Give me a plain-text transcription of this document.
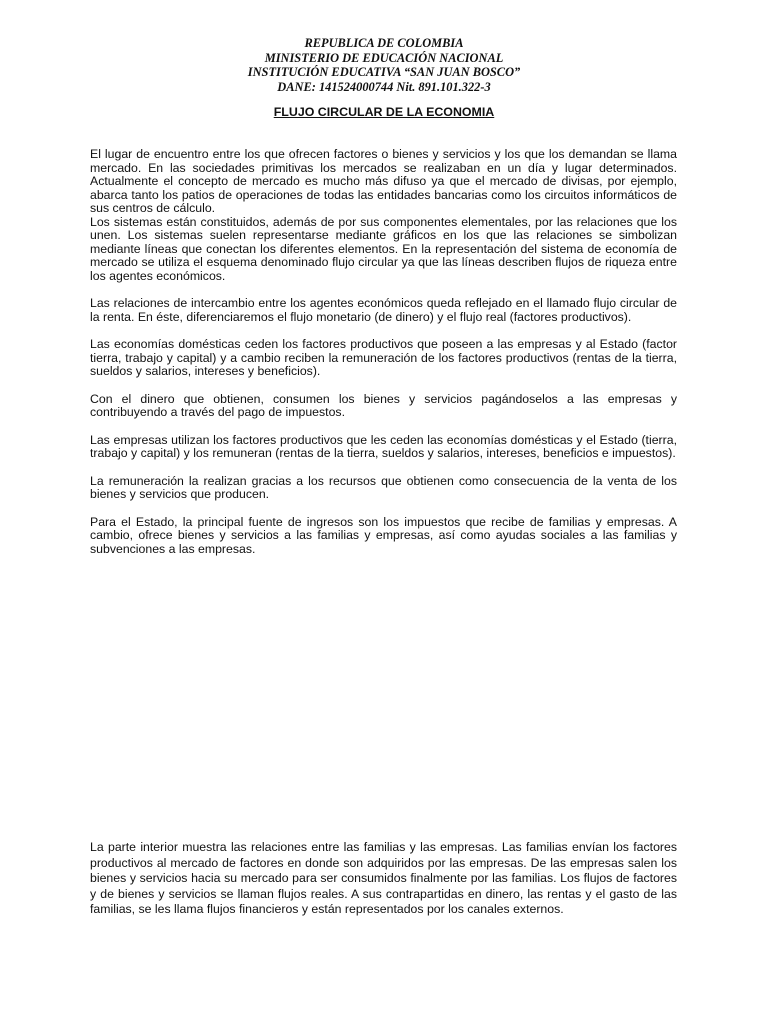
REPUBLICA DE COLOMBIA
MINISTERIO DE EDUCACIÓN NACIONAL
INSTITUCIÓN EDUCATIVA “SAN JUAN BOSCO”
DANE: 141524000744 Nit. 891.101.322-3
FLUJO CIRCULAR DE LA ECONOMIA

El lugar de encuentro entre los que ofrecen factores o bienes y servicios y los que los demandan se llama mercado. En las sociedades primitivas los mercados se realizaban en un día y lugar determinados. Actualmente el concepto de mercado es mucho más difuso ya que el mercado de divisas, por ejemplo, abarca tanto los patios de operaciones de todas las entidades bancarias como los circuitos informáticos de sus centros de cálculo.

Los sistemas están constituidos, además de por sus componentes elementales, por las relaciones que los unen. Los sistemas suelen representarse mediante gráficos en los que las relaciones se simbolizan mediante líneas que conectan los diferentes elementos. En la representación del sistema de economía de mercado se utiliza el esquema denominado flujo circular ya que las líneas describen flujos de riqueza entre los agentes económicos.

Las relaciones de intercambio entre los agentes económicos queda reflejado en el llamado flujo circular de la renta. En éste, diferenciaremos el flujo monetario (de dinero) y el flujo real (factores productivos).

Las economías domésticas ceden los factores productivos que poseen a las empresas y al Estado (factor tierra, trabajo y capital) y a cambio reciben la remuneración de los factores productivos (rentas de la tierra, sueldos y salarios, intereses y beneficios).

Con el dinero que obtienen, consumen los bienes y servicios pagándoselos a las empresas y contribuyendo a través del pago de impuestos.

Las empresas utilizan los factores productivos que les ceden las economías domésticas y el Estado (tierra, trabajo y capital) y los remuneran (rentas de la tierra, sueldos y salarios, intereses, beneficios e impuestos).

La remuneración la realizan gracias a los recursos que obtienen como consecuencia de la venta de los bienes y servicios que producen.

Para el Estado, la principal fuente de ingresos son los impuestos que recibe de familias y empresas. A cambio, ofrece bienes y servicios a las familias y empresas, así como ayudas sociales a las familias y subvenciones a las empresas.

La parte interior muestra las relaciones entre las familias y las empresas. Las familias envían los factores productivos al mercado de factores en donde son adquiridos por las empresas. De las empresas salen los bienes y servicios hacia su mercado para ser consumidos finalmente por las familias. Los flujos de factores y de bienes y servicios se llaman flujos reales. A sus contrapartidas en dinero, las rentas y el gasto de las familias, se les llama flujos financieros y están representados por los canales externos.
